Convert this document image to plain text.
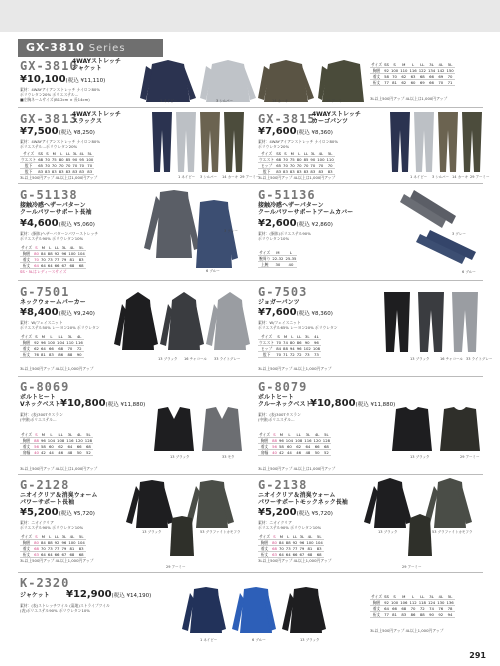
GX-3810 Series
GX-3810
4WAYストレッチ
ジャケット
¥10,100(税込 ¥11,110)
素材：4WAYアイアンストレッチ ナイロン80%
ポリウレタン20% ポリエステル...
■左胸ネームサイズ(B12cm × 長14cm)	1 ネイビー	3 シルバー	14 カーキ	29 アーミー
サイズ	SS	S	M	L	LL	3L	4L	5L
胸囲	92	100	110	116	122	134	142	150
着丈	58	70	62	63	68	66	69	70
裄丈	77	81	62	60	69	66	70	71
3L以上500円アップ 4L以上は1,000円アップ
GX-3813
4WAYストレッチ
スラックス
¥7,500(税込 ¥8,250)
素材：4WAYアイアンストレッチ ナイロン80%
ポリエステル...ポリウレタン20%
サイズ	SS	S	M	L	LL	3L	4L	5L
ウエスト	68	70	75	80	85	90	95	100
股下	65	70	70	70	70	70	70	70
股下	83	83	83	83	83	83	83	83
3L以上500円アップ 4L以上は1,000円アップ	1 ネイビー 3 シルバー 14 カーキ 29 アーミー
GX-3815
4WAYストレッチ
カーゴパンツ
¥7,600(税込 ¥8,360)
素材：4WAYアイアンストレッチ ナイロン80%
ポリウレタン20%
サイズ	SS	S	M	L	LL	3L	4L	5L
ウエスト	68	70	75	80	85	90	100	110
ヒップ	65	70	70	70	70	70	70	70
股下	83	83	83	83	83	83	83	83
3L以上500円アップ 4L以上は1,000円アップ	1 ネイビー 3 シルバー 14 カーキ 29 アーミー
G-51138
接触冷感ヘザーパターン
クールパワーサポート長袖
¥4,600(税込 ¥5,060)
素材：(胴体)ヘザーパターンパワーストレッチ
ポリエステル90% ポリウレタン10%
サイズ	S	M	L	LL	3L	4L	5L
胸囲	80	84	88	92	96	100	104
着丈	70	70	73	77	79	81	83
裄丈	64	64	64	66	67	68	68
SS・5Lはレディースサイズ
3 グレー
6 ブルー
G-51136
接触冷感ヘザーパターン
クールパワーサポートアームカバー
¥2,600(税込 ¥2,860)
素材：(胴体)ポリエステル90%
ポリウレタン10%
サイズ	M	L
腕周り	22-32	25-35
上腕	30	40
3 グレー
6 ブルー
G-7501
ネックウォームパーカー
¥8,400(税込 ¥9,240)
素材：W/フェイスニット
ポリエステル50% レーヨン20% ポリウレタン
サイズ	S	M	L	LL	3L	4L
胸囲	92	96	100	104	110	116
着丈	62	64	66	68	70	72
裄丈	76	81	83	86	88	90
3L以上500円アップ 4L以上1,000円アップ
13 ブラック 16 チャコール 33 ライトグレー
G-7503
ジョガーパンツ
¥7,600(税込 ¥8,360)
素材：W/フェイスニット
ポリエステル65% レーヨン20% ポリウレタン
サイズ	S	M	L	LL	3L	4L
ウエスト	70	74	80	86	90	96
ヒップ	84	88	94	96	102	108
股下	70	71	72	72	73	73
3L以上500円アップ 4L以上1,000円アップ
13 ブラック	16 チャコール 33 ライトグレー
G-8069
ボルトヒート
Vネックベスト ¥10,800(税込 ¥11,880)
素材：(表)300Tタスラン
(中綿)ポリエステル...
サイズ	S	M	L	LL	3L	4L	5L
胸囲	88	96	104	108	116	120	128
着丈	56	58	60	62	64	66	68
肩幅	40	42	44	46	48	50	52
3L以上500円アップ 4L以上は1,000円アップ
13 ブラック	33 モク
G-8079
ボルトヒート
クルーネックベスト
¥10,800(税込 ¥11,880)
素材：(表)300Tタスラン
(中綿)ポリエステル...
サイズ	S	M	L	LL	3L	4L	5L
胸囲	88	96	104	108	116	120	128
着丈	56	58	60	62	64	66	68
肩幅	40	42	44	46	48	50	52
3L以上500円アップ 4L以上は1,000円アップ
13 ブラック	29 アーミー
G-2128
ニオイクリア＆消臭ウォーム
パワーサポート長袖
¥5,200(税込 ¥5,720)
素材：ニオイクリア
ポリエステル90% ポリウレタン10%
サイズ	S	M	L	LL	3L	4L	5L
胸囲	80	84	88	92	96	100	104
着丈	68	70	73	77	79	81	83
裄丈	63	64	64	66	67	68	68
3L以上500円アップ 4L以上1,000円アップ
13 ブラック	53 グラファイトカモフラ
29 アーミー
G-2138
ニオイクリア＆消臭ウォーム
パワーサポートモックネック長袖
¥5,200(税込 ¥5,720)
素材：ニオイクリア
ポリエステル90% ポリウレタン10%
サイズ	S	M	L	LL	3L	4L	5L
胸囲	80	84	88	92	96	100	104
着丈	68	70	73	77	79	81	83
裄丈	63	64	64	66	67	68	68
3L以上500円アップ 4L以上1,000円アップ
13 ブラック	53 グラファイトカモフラ
29 アーミー
K-2320
ジャケット ¥12,900(税込 ¥14,190)
素材：(表)ストレッチツイル (裏地)ストライプツイル
(表)ポリエステル90% ポリウレタン10%
1 ネイビー	6 ブルー	13 ブラック
サイズ	SS	S	M	L	LL	3L	4L	5L
胸囲	92	100	106	112	118	124	130	136
着丈	64	66	68	70	72	74	76	78
裄丈	77	81	83	86	88	90	92	94
3L以上500円アップ 4L以上1,000円アップ
291
